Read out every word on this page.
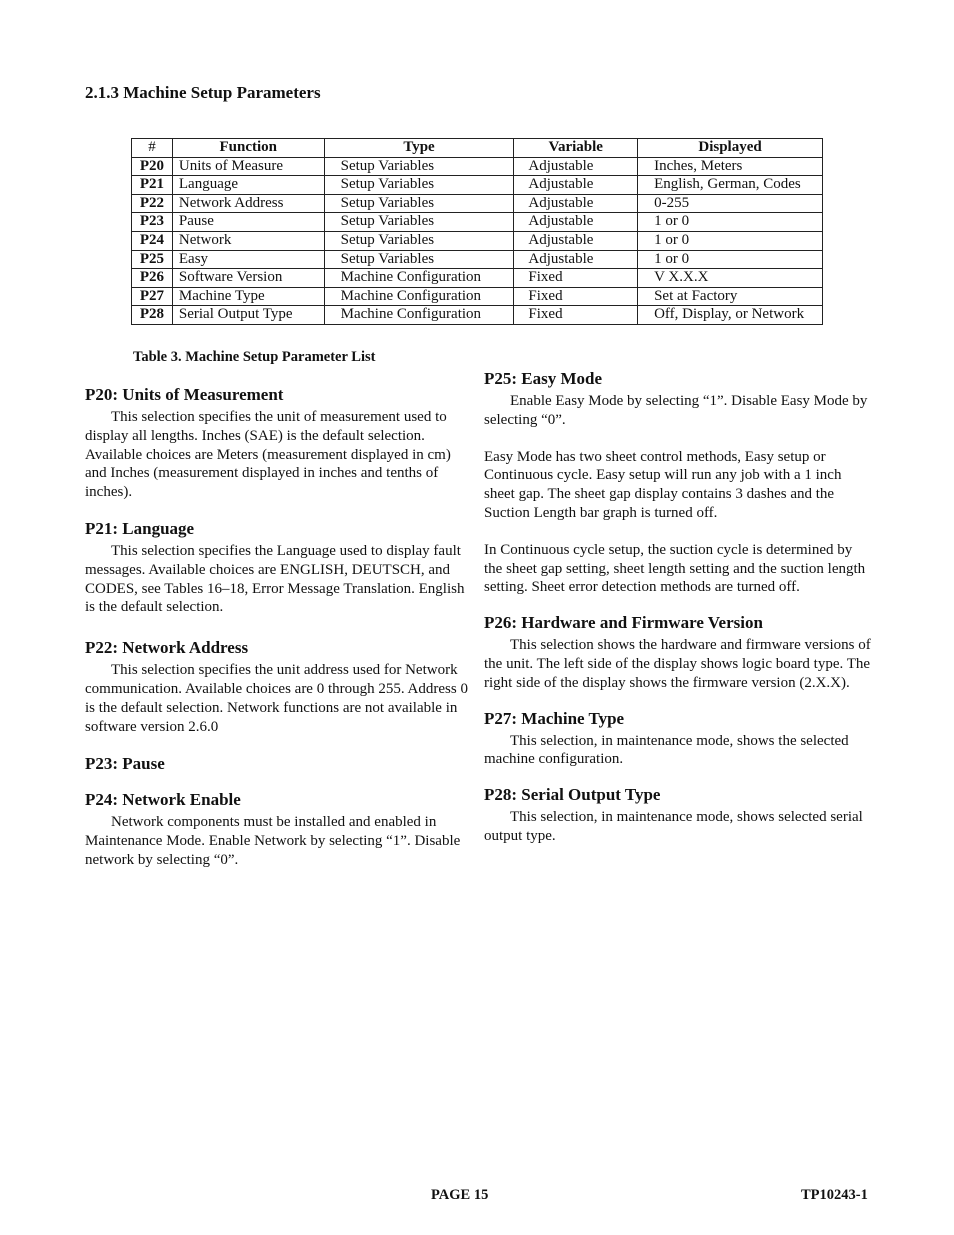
2.1.3 Machine Setup Parameters
#	Function	Type	Variable	Displayed
P20	Units of Measure	Setup Variables	Adjustable	Inches, Meters
P21	Language	Setup Variables	Adjustable	English, German, Codes
P22	Network Address	Setup Variables	Adjustable	0-255
P23	Pause	Setup Variables	Adjustable	1 or 0
P24	Network	Setup Variables	Adjustable	1 or 0
P25	Easy	Setup Variables	Adjustable	1 or 0
P26	Software Version	Machine Configuration	Fixed	V X.X.X
P27	Machine Type	Machine Configuration	Fixed	Set at Factory
P28	Serial Output Type	Machine Configuration	Fixed	Off, Display, or Network

Table 3. Machine Setup Parameter List

P20: Units of Measurement

This selection specifies the unit of measurement used to display all lengths. Inches (SAE) is the default selection. Available choices are Meters (measurement displayed in cm) and Inches (measurement displayed in inches and tenths of inches).

P21: Language

This selection specifies the Language used to display fault messages. Available choices are ENGLISH, DEUTSCH, and CODES, see Tables 16–18, Error Message Translation. English is the default selection.

P22: Network Address

This selection specifies the unit address used for Network communication. Available choices are 0 through 255. Address 0 is the default selection. Network functions are not available in software version 2.6.0

P23: Pause
P24: Network Enable

Network components must be installed and enabled in Maintenance Mode. Enable Network by selecting “1”. Disable network by selecting “0”.

P25: Easy Mode

Enable Easy Mode by selecting “1”. Disable Easy Mode by selecting “0”.

Easy Mode has two sheet control methods, Easy setup or Continuous cycle. Easy setup will run any job with a 1 inch sheet gap. The sheet gap display contains 3 dashes and the Suction Length bar graph is turned off.

In Continuous cycle setup, the suction cycle is determined by the sheet gap setting, sheet length setting and the suction length setting. Sheet error detection methods are turned off.

P26: Hardware and Firmware Version

This selection shows the hardware and firmware versions of the unit. The left side of the display shows logic board type. The right side of the display shows the firmware version (2.X.X).

P27: Machine Type

This selection, in maintenance mode, shows the selected machine configuration.

P28: Serial Output Type

This selection, in maintenance mode, shows selected serial output type.

PAGE 15	TP10243-1
